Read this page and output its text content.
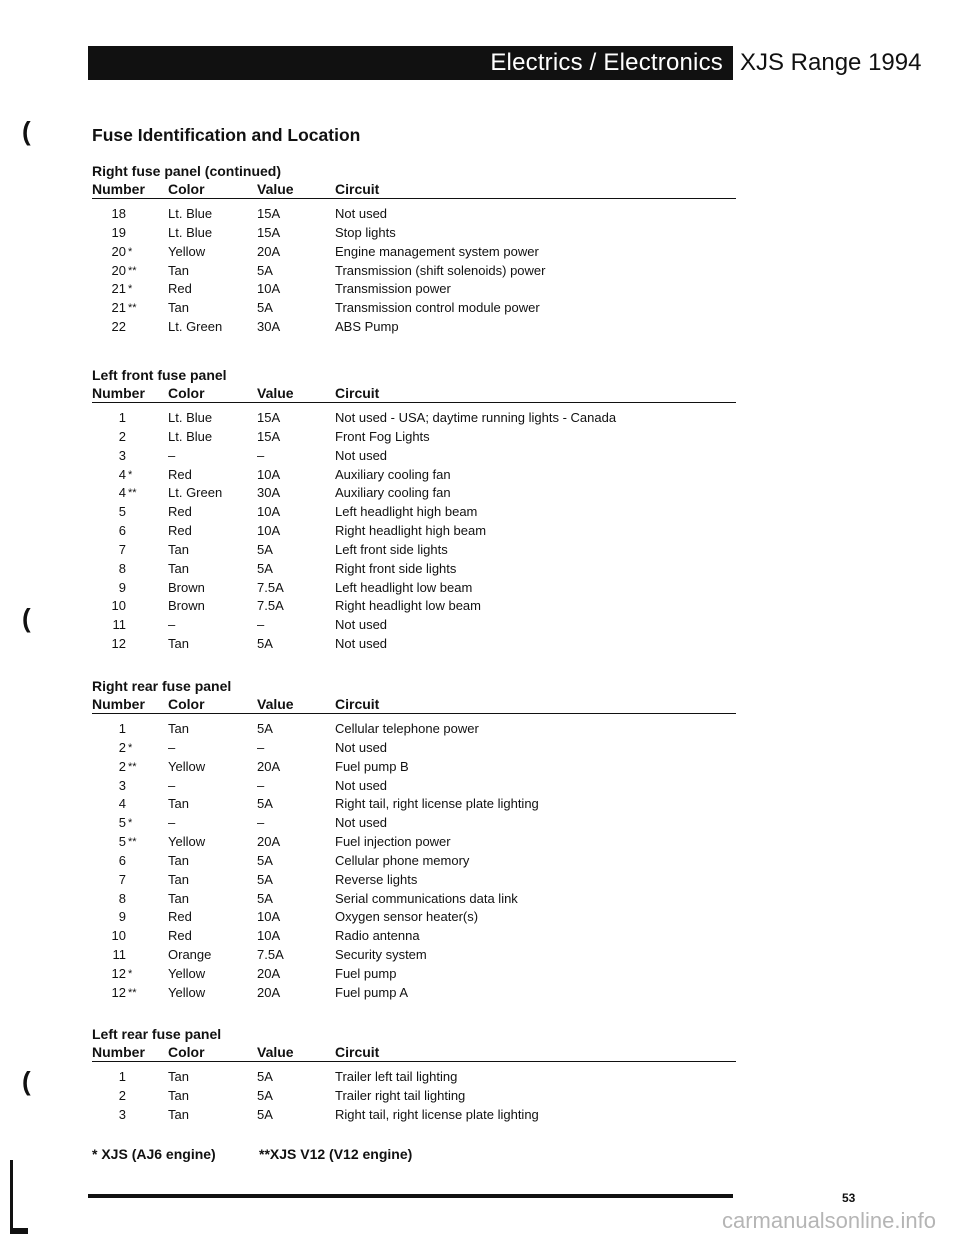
Electrics / Electronics XJS Range 1994
Fuse Identification and Location
Right fuse panel (continued)
Number Color	Value	Circuit
18	Lt. Blue	15A	Not used
19	Lt. Blue	15A	Stop lights
20 *	Yellow	20A	Engine management system power
20 **	Tan	5A	Transmission (shift solenoids) power
21 *	Red	10A	Transmission power
21 **	Tan	5A	Transmission control module power
22	Lt. Green	30A	ABS Pump
Left front fuse panel
Number Color	Value	Circuit
1	Lt. Blue	15A	Not used - USA; daytime running lights - Canada
2	Lt. Blue	15A	Front Fog Lights
3	–	–	Not used
4 *	Red	10A	Auxiliary cooling fan
4 **	Lt. Green	30A	Auxiliary cooling fan
5	Red	10A	Left headlight high beam
6	Red	10A	Right headlight high beam
7	Tan	5A	Left front side lights
8	Tan	5A	Right front side lights
9	Brown	7.5A	Left headlight low beam
10	Brown	7.5A	Right headlight low beam
11	–	–	Not used
12	Tan	5A	Not used
Right rear fuse panel
Number Color	Value	Circuit
1	Tan	5A	Cellular telephone power
2 *	–	–	Not used
2 **	Yellow	20A	Fuel pump B
3	–	–	Not used
4	Tan	5A	Right tail, right license plate lighting
5 *	–	–	Not used
5 **	Yellow	20A	Fuel injection power
6	Tan	5A	Cellular phone memory
7	Tan	5A	Reverse lights
8	Tan	5A	Serial communications data link
9	Red	10A	Oxygen sensor heater(s)
10	Red	10A	Radio antenna
11	Orange	7.5A	Security system
12 *	Yellow	20A	Fuel pump
12 **	Yellow	20A	Fuel pump A
Left rear fuse panel
Number Color	Value	Circuit
1	Tan	5A	Trailer left tail lighting
2	Tan	5A	Trailer right tail lighting
3	Tan	5A	Right tail, right license plate lighting
* XJS (AJ6 engine)	**XJS V12 (V12 engine)
53
(
(
(
carmanualsonline.info
